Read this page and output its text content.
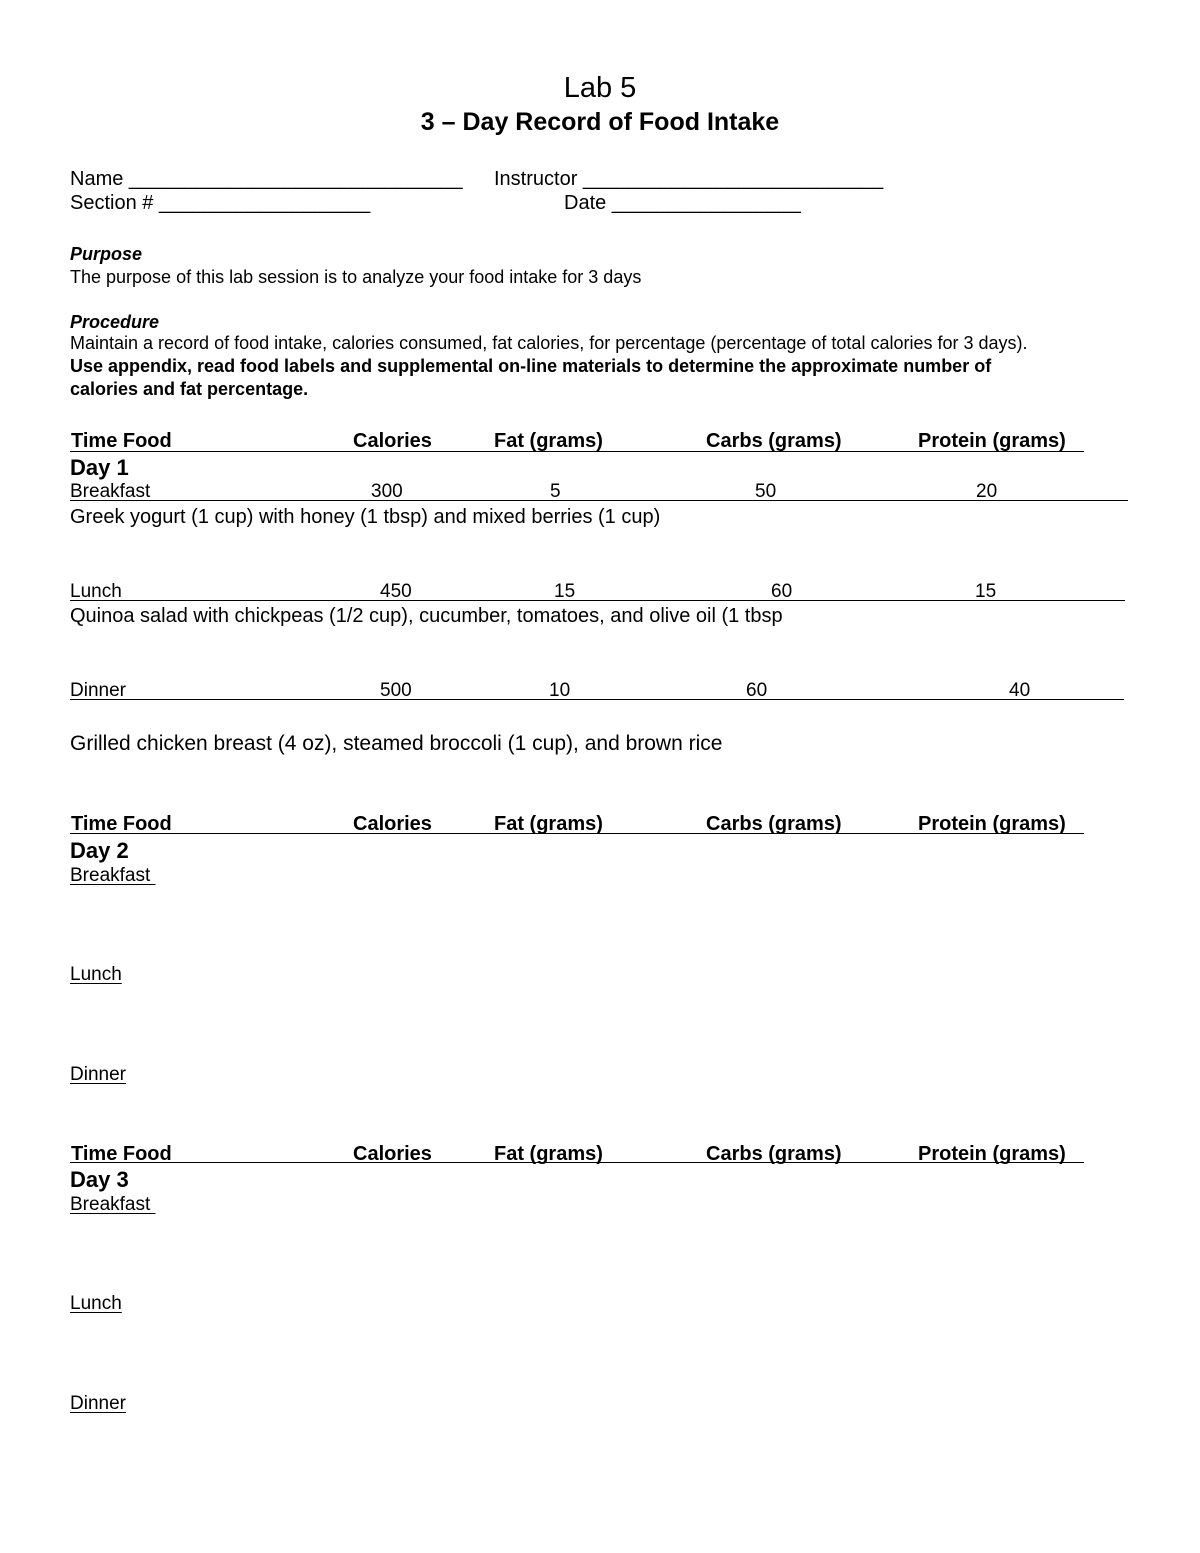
Lab 5
3 – Day Record of Food Intake
Name ______________________________ Instructor ___________________________
Section # ___________________	Date _________________
Purpose
The purpose of this lab session is to analyze your food intake for 3 days
Procedure
Maintain a record of food intake, calories consumed, fat calories, for percentage (percentage of total calories for 3 days).
Use appendix, read food labels and supplemental on-line materials to determine the approximate number of
calories and fat percentage.
Time Food	Calories	Fat (grams)	Carbs (grams)	Protein (grams)
Day 1
Breakfast	300	5	50	20
Greek yogurt (1 cup) with honey (1 tbsp) and mixed berries (1 cup)
Lunch	450	15	60	15
Quinoa salad with chickpeas (1/2 cup), cucumber, tomatoes, and olive oil (1 tbsp
Dinner	500	10	60	40
Grilled chicken breast (4 oz), steamed broccoli (1 cup), and brown rice
Time Food	Calories	Fat (grams)	Carbs (grams)	Protein (grams)
Day 2
Breakfast
Lunch
Dinner
Time Food	Calories	Fat (grams)	Carbs (grams)	Protein (grams)
Day 3
Breakfast
Lunch
Dinner
